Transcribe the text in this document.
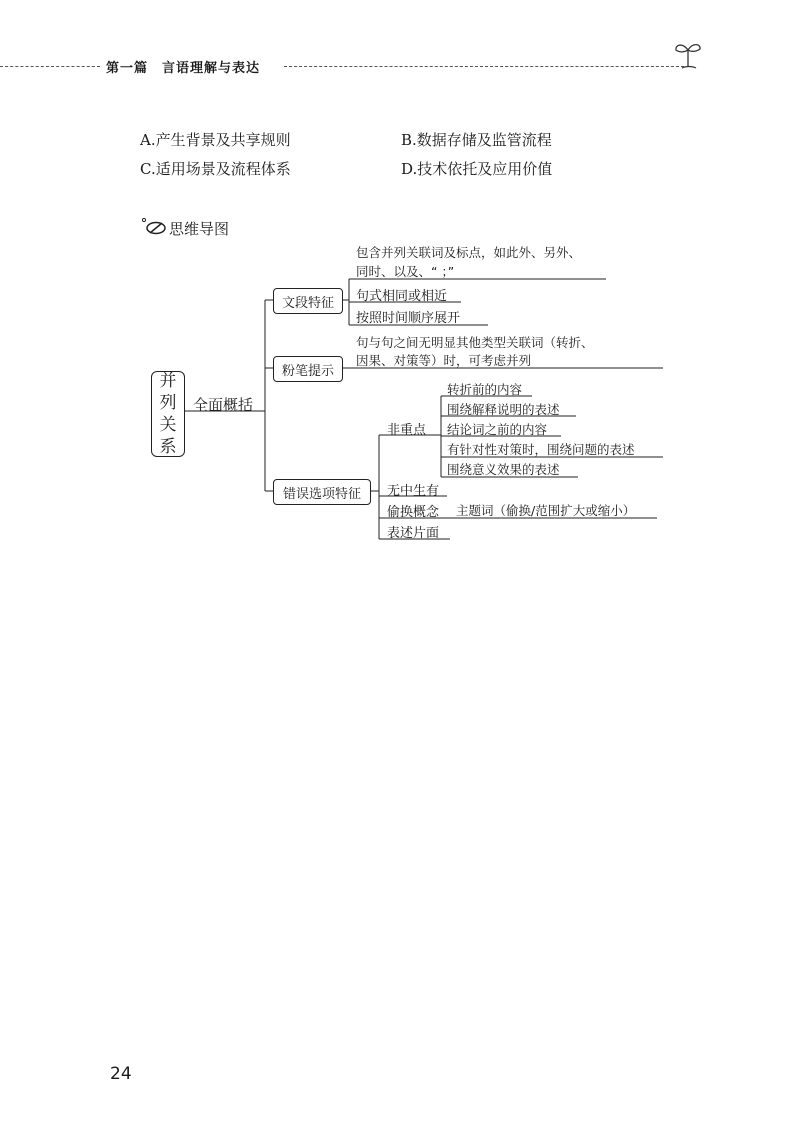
第一篇　言语理解与表达
A.产生背景及共享规则	B.数据存储及监管流程
C.适用场景及流程体系	D.技术依托及应用价值
思维导图
并
列
关
系
全面概括
文段特征
粉笔提示
错误选项特征
包含并列关联词及标点，如此外、另外、
同时、以及、“ ；”
句式相同或相近
按照时间顺序展开
句与句之间无明显其他类型关联词（转折、
因果、对策等）时，可考虑并列
非重点
转折前的内容
围绕解释说明的表述
结论词之前的内容
有针对性对策时，围绕问题的表述
围绕意义效果的表述
无中生有
偷换概念 主题词（偷换/范围扩大或缩小）
表述片面
24
